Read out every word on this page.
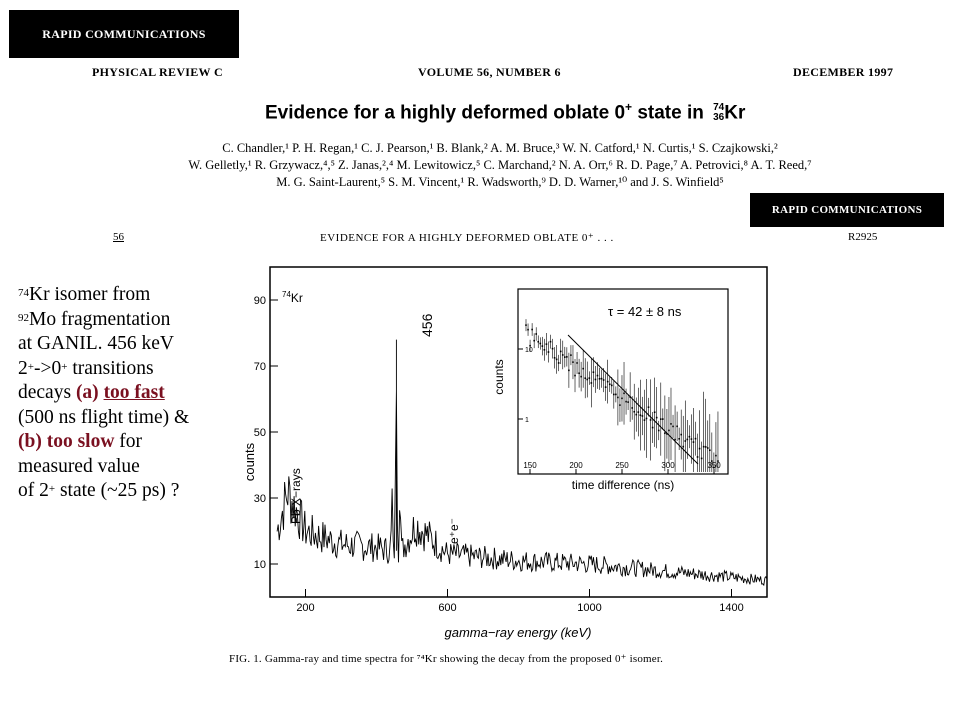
RAPID COMMUNICATIONS
PHYSICAL REVIEW C	VOLUME 56, NUMBER 6	DECEMBER 1997
Evidence for a highly deformed oblate 0+ state in 74
36Kr
C. Chandler,¹ P. H. Regan,¹ C. J. Pearson,¹ B. Blank,² A. M. Bruce,³ W. N. Catford,¹ N. Curtis,¹ S. Czajkowski,²
W. Gelletly,¹ R. Grzywacz,⁴,⁵ Z. Janas,²,⁴ M. Lewitowicz,⁵ C. Marchand,² N. A. Orr,⁶ R. D. Page,⁷ A. Petrovici,⁸ A. T. Reed,⁷
M. G. Saint-Laurent,⁵ S. M. Vincent,¹ R. Wadsworth,⁹ D. D. Warner,¹⁰ and J. S. Winfield⁵
RAPID COMMUNICATIONS
56	EVIDENCE FOR A HIGHLY DEFORMED OBLATE 0⁺ . . .	R2925
$^{74}$Kr isomer from
$^{92}$Mo fragmentation
at GANIL. 456 keV
2+->0+ transitions
decays (a) too fast
(500 ns flight time) &
(b) too slow for
measured value
of 2+ state (~25 ps) ?
10
30
50
70
90
200	600	1000	1400
$^{74}$Kr
counts
Pb X−rays
456
e⁺e⁻
gamma−ray energy (keV)
τ = 42 ± 8 ns
counts
time difference (ns)
150	200	250	300	350
10
1
FIG. 1. Gamma-ray and time spectra for ⁷⁴Kr showing the decay from the proposed 0⁺ isomer.
